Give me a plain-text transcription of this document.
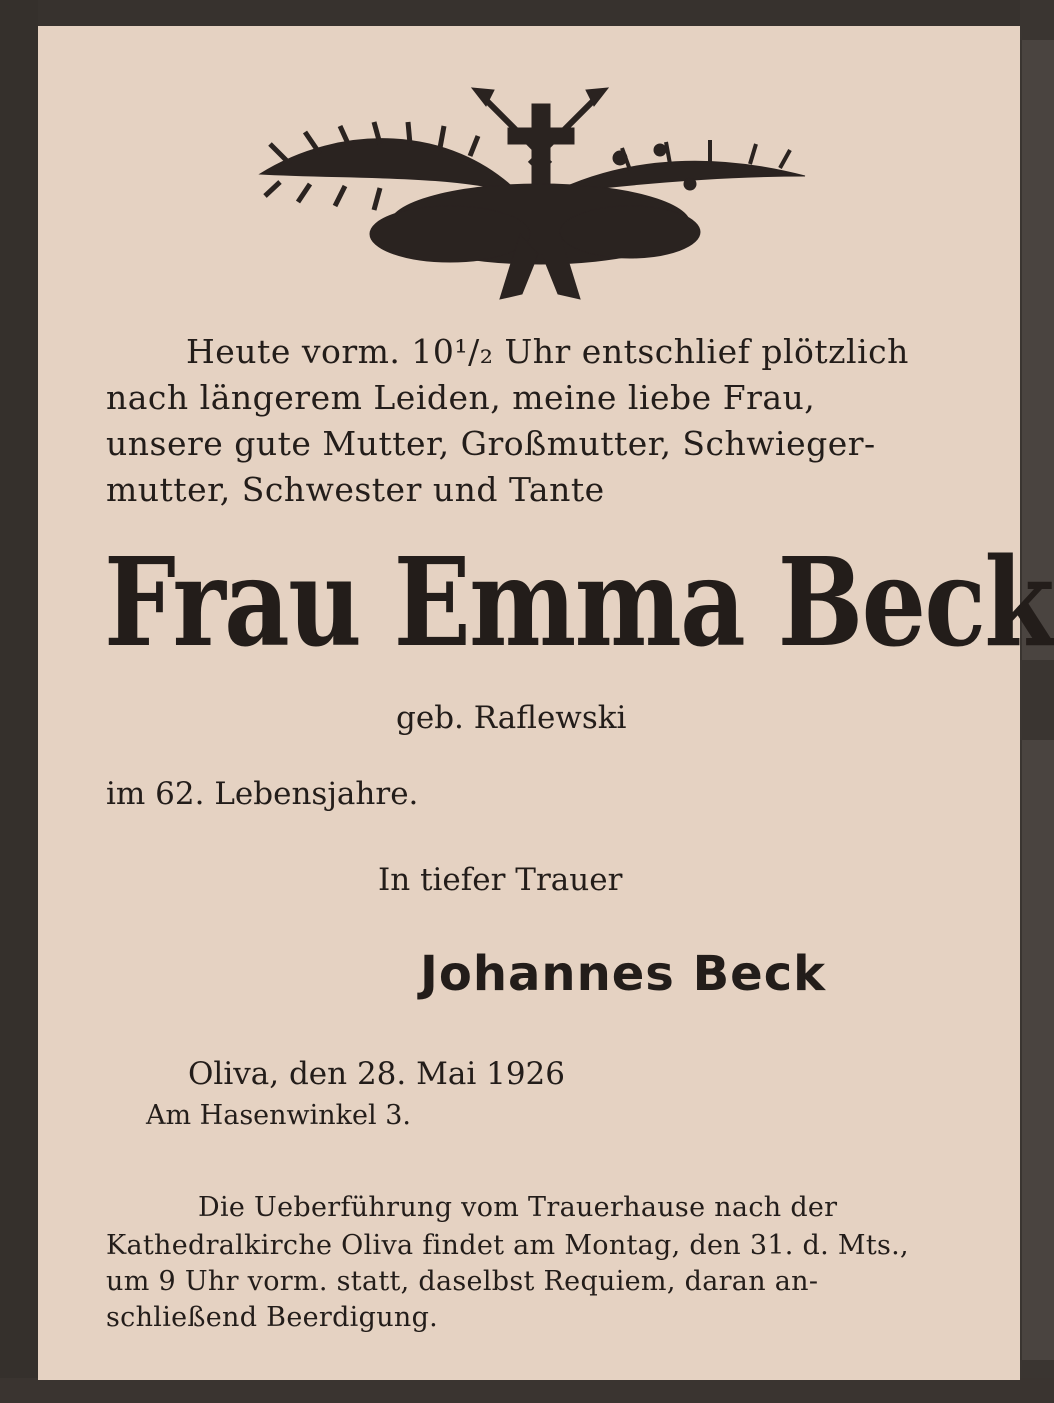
Heute vorm. 10¹/₂ Uhr entschlief plötzlich
nach längerem Leiden, meine liebe Frau,
unsere gute Mutter, Großmutter, Schwieger-
mutter, Schwester und Tante
Frau Emma Beck
geb. Raflewski
im 62. Lebensjahre.
In tiefer Trauer
Johannes Beck
Oliva, den 28. Mai 1926
Am Hasenwinkel 3.
Die Ueberführung vom Trauerhause nach der
Kathedralkirche Oliva findet am Montag, den 31. d. Mts.,
um 9 Uhr vorm. statt, daselbst Requiem, daran an-
schließend Beerdigung.
